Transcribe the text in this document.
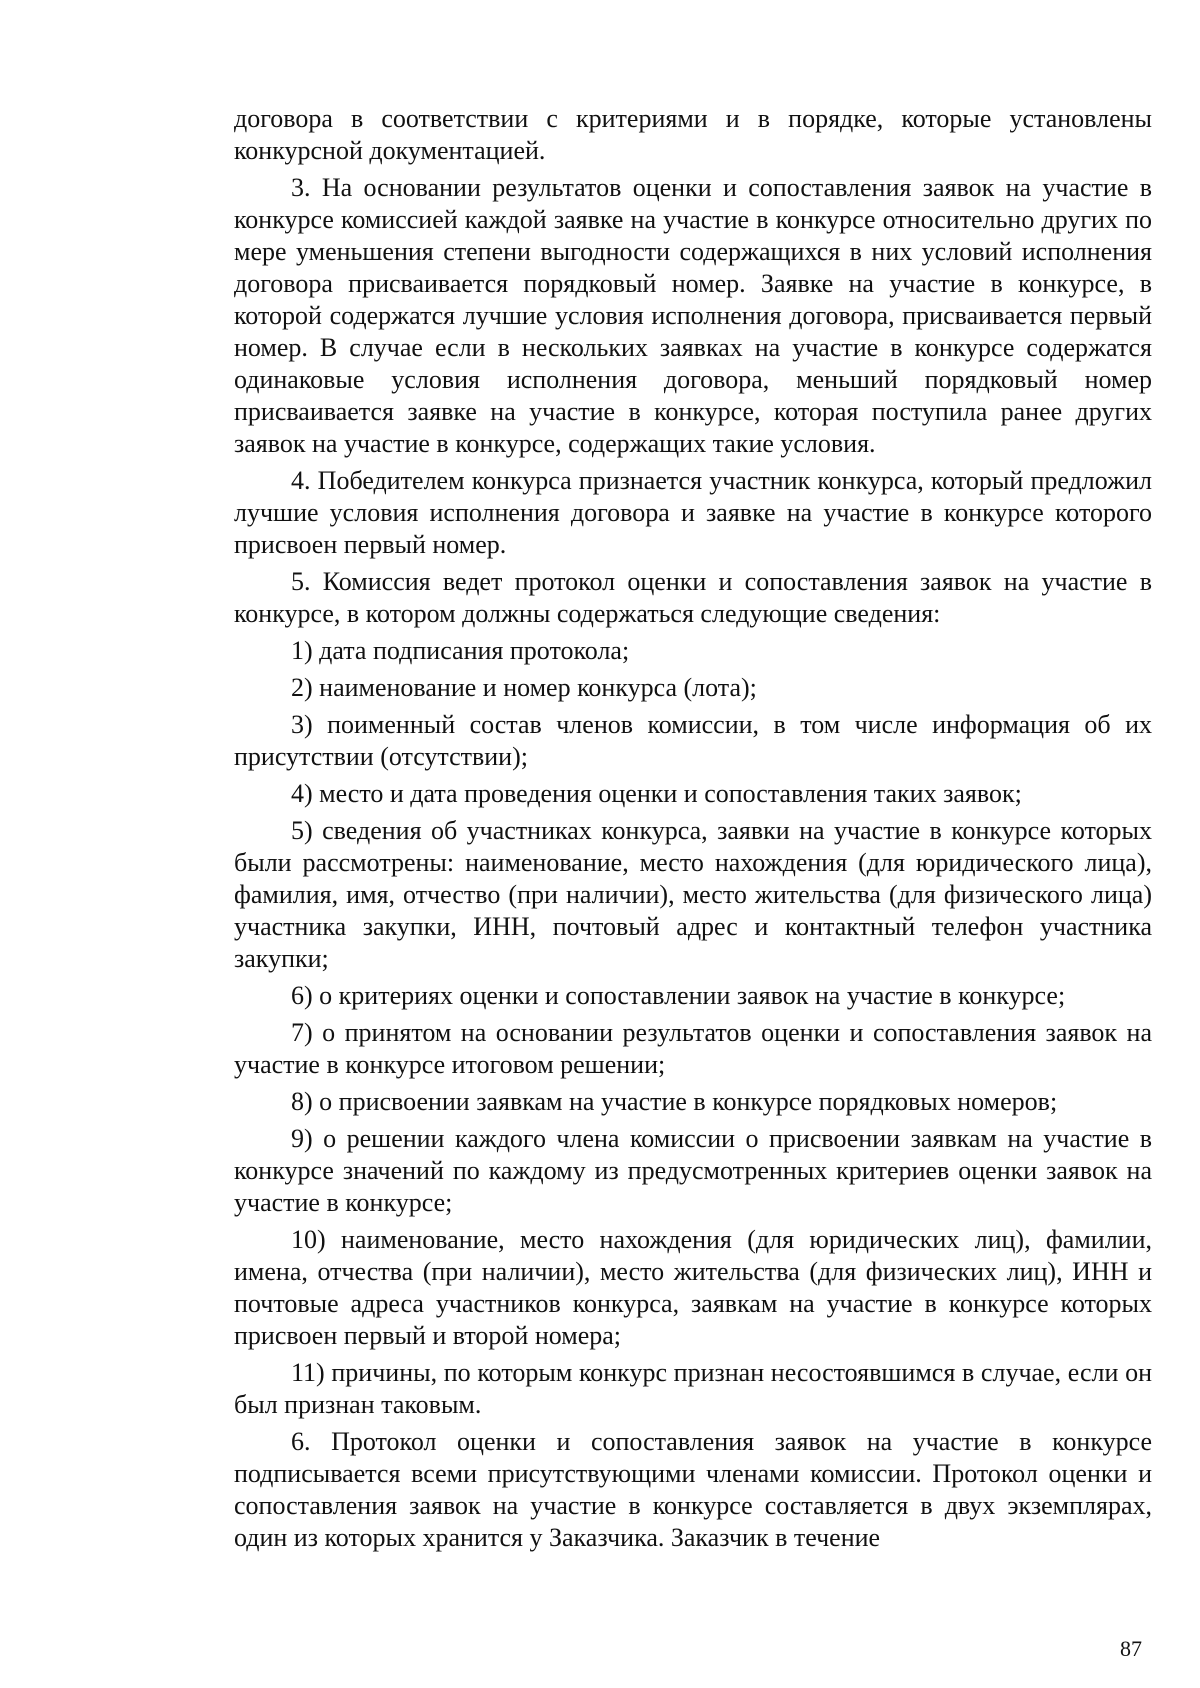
договора в соответствии с критериями и в порядке, которые установлены конкурсной документацией.

3. На основании результатов оценки и сопоставления заявок на участие в конкурсе комиссией каждой заявке на участие в конкурсе относительно других по мере уменьшения степени выгодности содержащихся в них условий исполнения договора присваивается порядковый номер. Заявке на участие в конкурсе, в которой содержатся лучшие условия исполнения договора, присваивается первый номер. В случае если в нескольких заявках на участие в конкурсе содержатся одинаковые условия исполнения договора, меньший порядковый номер присваивается заявке на участие в конкурсе, которая поступила ранее других заявок на участие в конкурсе, содержащих такие условия.

4. Победителем конкурса признается участник конкурса, который предложил лучшие условия исполнения договора и заявке на участие в конкурсе которого присвоен первый номер.

5. Комиссия ведет протокол оценки и сопоставления заявок на участие в конкурсе, в котором должны содержаться следующие сведения:

1) дата подписания протокола;

2) наименование и номер конкурса (лота);

3) поименный состав членов комиссии, в том числе информация об их присутствии (отсутствии);

4) место и дата проведения оценки и сопоставления таких заявок;

5) сведения об участниках конкурса, заявки на участие в конкурсе которых были рассмотрены: наименование, место нахождения (для юридического лица), фамилия, имя, отчество (при наличии), место жительства (для физического лица) участника закупки, ИНН, почтовый адрес и контактный телефон участника закупки;

6) о критериях оценки и сопоставлении заявок на участие в конкурсе;

7) о принятом на основании результатов оценки и сопоставления заявок на участие в конкурсе итоговом решении;

8) о присвоении заявкам на участие в конкурсе порядковых номеров;

9) о решении каждого члена комиссии о присвоении заявкам на участие в конкурсе значений по каждому из предусмотренных критериев оценки заявок на участие в конкурсе;

10) наименование, место нахождения (для юридических лиц), фамилии, имена, отчества (при наличии), место жительства (для физических лиц), ИНН и почтовые адреса участников конкурса, заявкам на участие в конкурсе которых присвоен первый и второй номера;

11) причины, по которым конкурс признан несостоявшимся в случае, если он был признан таковым.

6. Протокол оценки и сопоставления заявок на участие в конкурсе подписывается всеми присутствующими членами комиссии. Протокол оценки и сопоставления заявок на участие в конкурсе составляется в двух экземплярах, один из которых хранится у Заказчика. Заказчик в течение

87
